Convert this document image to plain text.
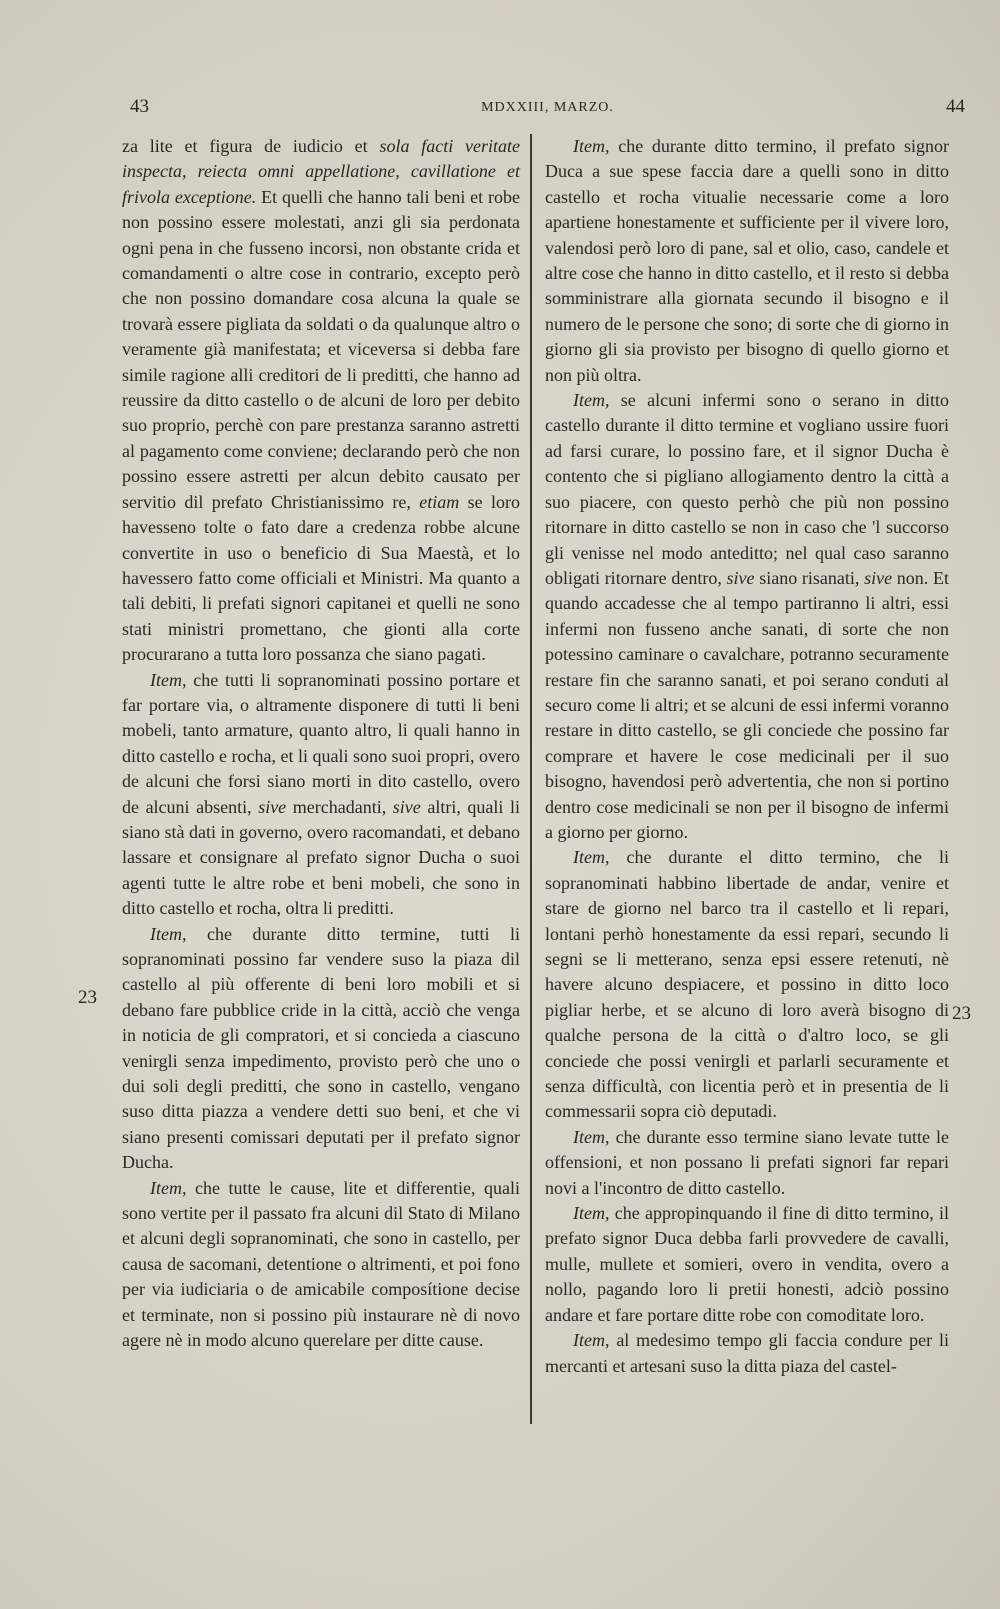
43	MDXXIII, MARZO.	44
23
23

za lite et figura de iudicio et sola facti veritate inspecta, reiecta omni appellatione, cavillatione et frivola exceptione. Et quelli che hanno tali beni et robe non possino essere molestati, anzi gli sia perdonata ogni pena in che fusseno incorsi, non obstante crida et comandamenti o altre cose in contrario, excepto però che non possino domandare cosa alcuna la quale se trovarà essere pigliata da soldati o da qualunque altro o veramente già manifestata; et viceversa si debba fare simile ragione alli creditori de li preditti, che hanno ad reussire da ditto castello o de alcuni de loro per debito suo proprio, perchè con pare prestanza saranno astretti al pagamento come conviene; declarando però che non possino essere astretti per alcun debito causato per servitio dil prefato Christianissimo re, etiam se loro havesseno tolte o fato dare a credenza robbe alcune convertite in uso o beneficio di Sua Maestà, et lo havessero fatto come officiali et Ministri. Ma quanto a tali debiti, li prefati signori capitanei et quelli ne sono stati ministri promettano, che gionti alla corte procurarano a tutta loro possanza che siano pagati.

Item, che tutti li sopranominati possino portare et far portare via, o altramente disponere di tutti li beni mobeli, tanto armature, quanto altro, li quali hanno in ditto castello e rocha, et li quali sono suoi propri, overo de alcuni che forsi siano morti in dito castello, overo de alcuni absenti, sive merchadanti, sive altri, quali li siano stà dati in governo, overo racomandati, et debano lassare et consignare al prefato signor Ducha o suoi agenti tutte le altre robe et beni mobeli, che sono in ditto castello et rocha, oltra li preditti.

Item, che durante ditto termine, tutti li sopranominati possino far vendere suso la piaza dil castello al più offerente di beni loro mobili et si debano fare pubblice cride in la città, acciò che venga in noticia de gli compratori, et si concieda a ciascuno venirgli senza impedimento, provisto però che uno o dui soli degli preditti, che sono in castello, vengano suso ditta piazza a vendere detti suo beni, et che vi siano presenti comissari deputati per il prefato signor Ducha.

Item, che tutte le cause, lite et differentie, quali sono vertite per il passato fra alcuni dil Stato di Milano et alcuni degli sopranominati, che sono in castello, per causa de sacomani, detentione o altrimenti, et poi fono per via iudiciaria o de amicabile composítione decise et terminate, non si possino più instaurare nè di novo agere nè in modo alcuno querelare per ditte cause.

Item, che durante ditto termino, il prefato signor Duca a sue spese faccia dare a quelli sono in ditto castello et rocha vitualie necessarie come a loro apartiene honestamente et sufficiente per il vivere loro, valendosi però loro di pane, sal et olio, caso, candele et altre cose che hanno in ditto castello, et il resto si debba somministrare alla giornata secundo il bisogno e il numero de le persone che sono; di sorte che di giorno in giorno gli sia provisto per bisogno di quello giorno et non più oltra.

Item, se alcuni infermi sono o serano in ditto castello durante il ditto termine et vogliano ussire fuori ad farsi curare, lo possino fare, et il signor Ducha è contento che si pigliano allogiamento dentro la città a suo piacere, con questo perhò che più non possino ritornare in ditto castello se non in caso che 'l succorso gli venisse nel modo anteditto; nel qual caso saranno obligati ritornare dentro, sive siano risanati, sive non. Et quando accadesse che al tempo partiranno li altri, essi infermi non fusseno anche sanati, di sorte che non potessino caminare o cavalchare, potranno securamente restare fin che saranno sanati, et poi serano conduti al securo come li altri; et se alcuni de essi infermi voranno restare in ditto castello, se gli conciede che possino far comprare et havere le cose medicinali per il suo bisogno, havendosi però advertentia, che non si portino dentro cose medicinali se non per il bisogno de infermi a giorno per giorno.

Item, che durante el ditto termino, che li sopranominati habbino libertade de andar, venire et stare de giorno nel barco tra il castello et li repari, lontani perhò honestamente da essi repari, secundo li segni se li metterano, senza epsi essere retenuti, nè havere alcuno despiacere, et possino in ditto loco pigliar herbe, et se alcuno di loro averà bisogno di qualche persona de la città o d'altro loco, se gli conciede che possi venirgli et parlarli securamente et senza difficultà, con licentia però et in presentia de li commessarii sopra ciò deputadi.

Item, che durante esso termine siano levate tutte le offensioni, et non possano li prefati signori far repari novi a l'incontro de ditto castello.

Item, che appropinquando il fine di ditto termino, il prefato signor Duca debba farli provvedere de cavalli, mulle, mullete et somieri, overo in vendita, overo a nollo, pagando loro li pretii honesti, adciò possino andare et fare portare ditte robe con comoditate loro.

Item, al medesimo tempo gli faccia condure per li mercanti et artesani suso la ditta piaza del castel-
